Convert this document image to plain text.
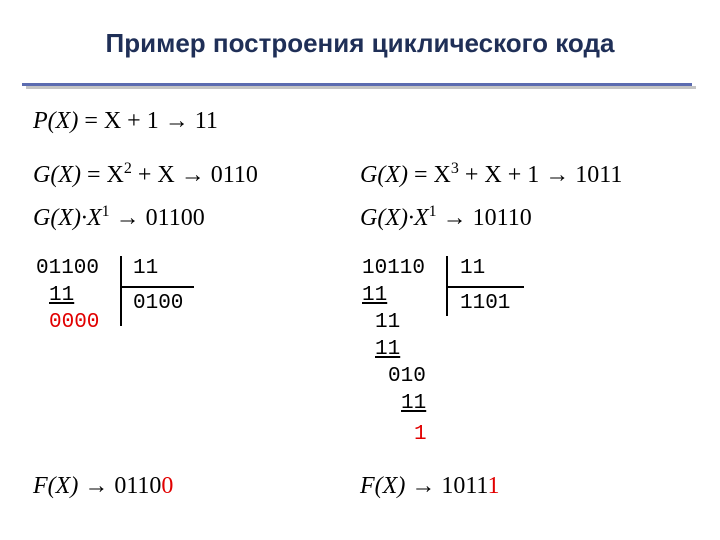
Пример построения циклического кода
P(X) = X + 1 → 11
$G(X) = X^2 + X \to 0110$
$G(X)\cdot X^1 \to 01100$
01100 11
0100
11
0000
F(X) → 01100
$G(X) = X^3 + X + 1 \to 1011$
$G(X)\cdot X^1 \to 10110$
10110 11
1101
11
11
11
010
11
1
F(X) → 10111
